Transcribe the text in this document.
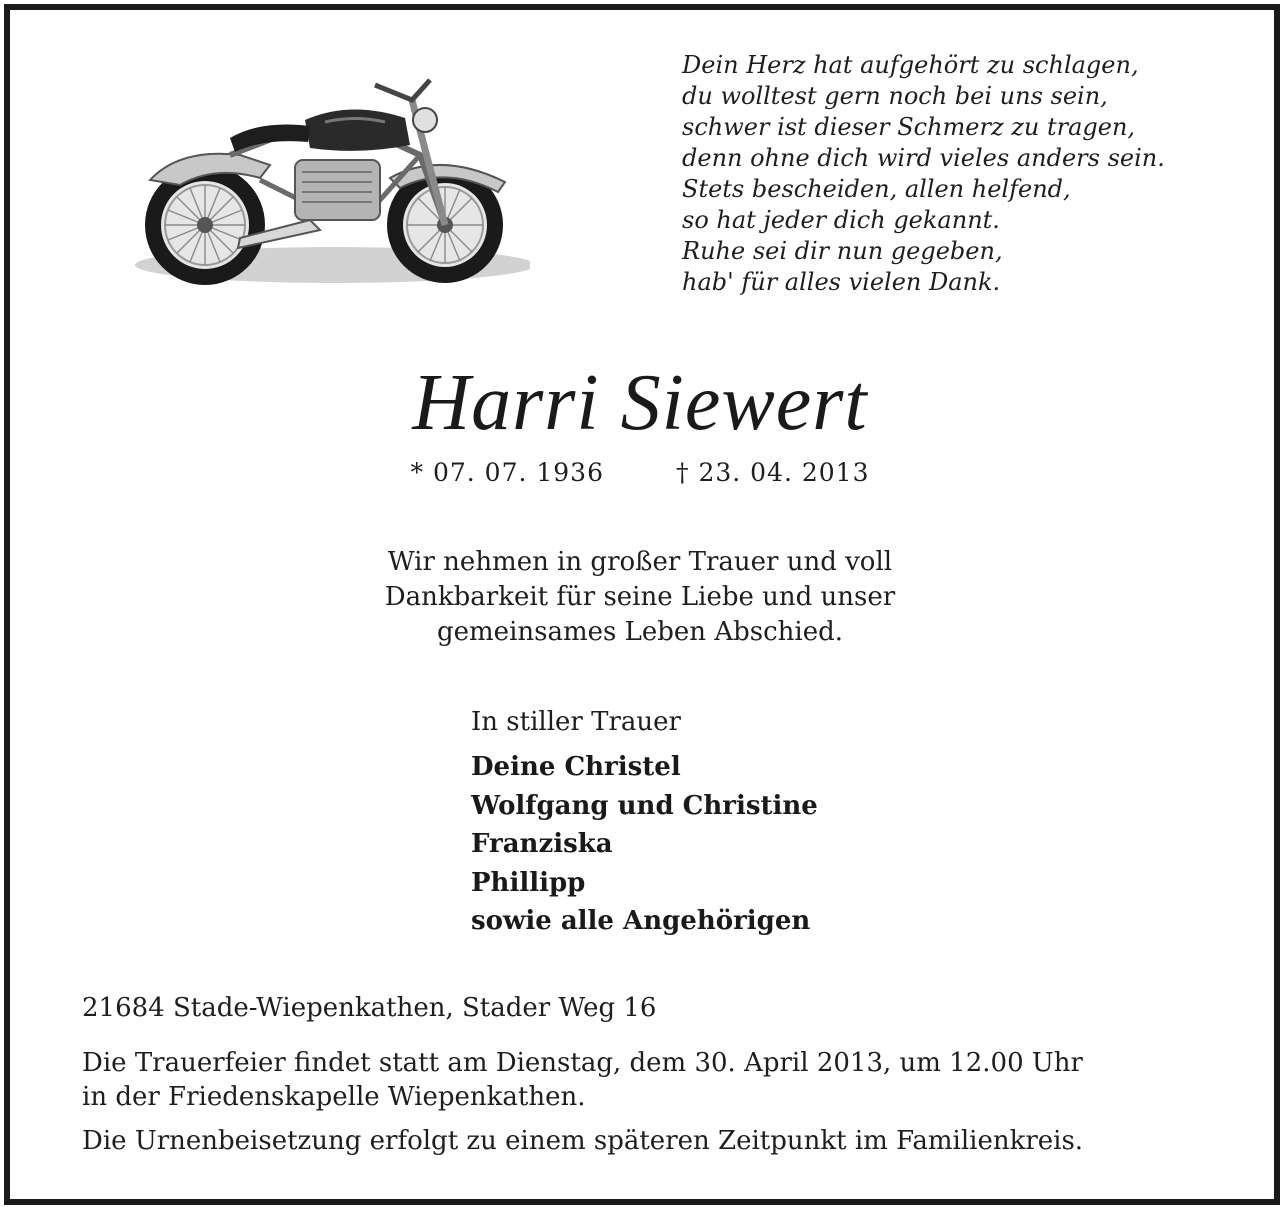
Dein Herz hat aufgehört zu schlagen,
du wolltest gern noch bei uns sein,
schwer ist dieser Schmerz zu tragen,
denn ohne dich wird vieles anders sein.
Stets bescheiden, allen helfend,
so hat jeder dich gekannt.
Ruhe sei dir nun gegeben,
hab' für alles vielen Dank.
Harri Siewert
* 07. 07. 1936	† 23. 04. 2013
Wir nehmen in großer Trauer und voll
Dankbarkeit für seine Liebe und unser
gemeinsames Leben Abschied.
In stiller Trauer
Deine Christel
Wolfgang und Christine
Franziska
Phillipp
sowie alle Angehörigen
21684 Stade-Wiepenkathen, Stader Weg 16
Die Trauerfeier findet statt am Dienstag, dem 30. April 2013, um 12.00 Uhr
in der Friedenskapelle Wiepenkathen.
Die Urnenbeisetzung erfolgt zu einem späteren Zeitpunkt im Familienkreis.
